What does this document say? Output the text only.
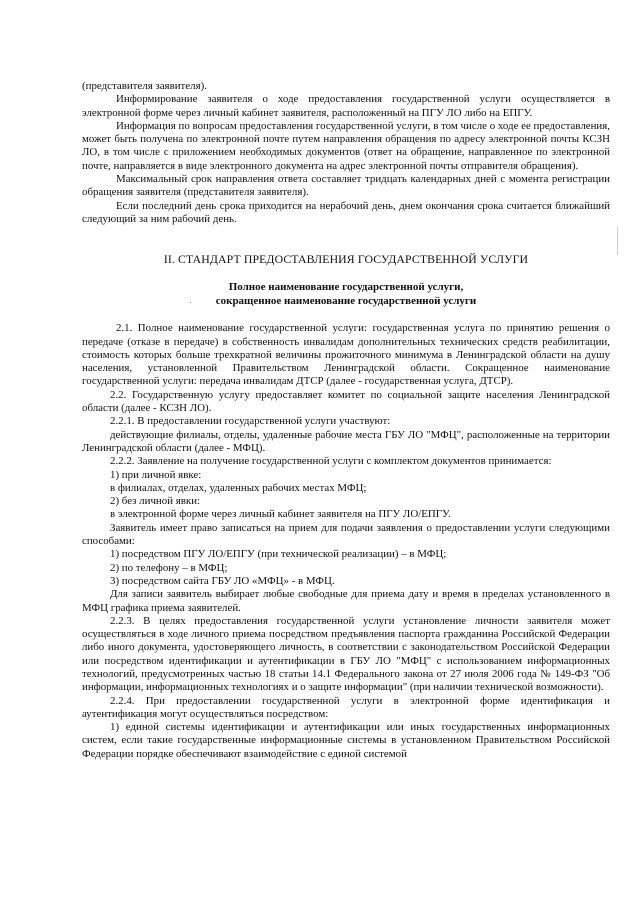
(представителя заявителя).

Информирование заявителя о ходе предоставления государственной услуги осуществляется в электронной форме через личный кабинет заявителя, расположенный на ПГУ ЛО либо на ЕПГУ.

Информация по вопросам предоставления государственной услуги, в том числе о ходе ее предоставления, может быть получена по электронной почте путем направления обращения по адресу электронной почты КСЗН ЛО, в том числе с приложением необходимых документов (ответ на обращение, направленное по электронной почте, направляется в виде электронного документа на адрес электронной почты отправителя обращения).

Максимальный срок направления ответа составляет тридцать календарных дней с момента регистрации обращения заявителя (представителя заявителя).

Если последний день срока приходится на нерабочий день, днем окончания срока считается ближайший следующий за ним рабочий день.

II. СТАНДАРТ ПРЕДОСТАВЛЕНИЯ ГОСУДАРСТВЕННОЙ УСЛУГИ

Полное наименование государственной услуги,

сокращенное наименование государственной услуги

2.1. Полное наименование государственной услуги: государственная услуга по принятию решения о передаче (отказе в передаче) в собственность инвалидам дополнительных технических средств реабилитации, стоимость которых больше трехкратной величины прожиточного минимума в Ленинградской области на душу населения, установленной Правительством Ленинградской области. Сокращенное наименование государственной услуги: передача инвалидам ДТСР (далее - государственная услуга, ДТСР).

2.2. Государственную услугу предоставляет комитет по социальной защите населения Ленинградской области (далее - КСЗН ЛО).

2.2.1. В предоставлении государственной услуги участвуют:

действующие филиалы, отделы, удаленные рабочие места ГБУ ЛО "МФЦ", расположенные на территории Ленинградской области (далее - МФЦ).

2.2.2. Заявление на получение государственной услуги с комплектом документов принимается:

1) при личной явке:

в филиалах, отделах, удаленных рабочих местах МФЦ;

2) без личной явки:

в электронной форме через личный кабинет заявителя на ПГУ ЛО/ЕПГУ.

Заявитель имеет право записаться на прием для подачи заявления о предоставлении услуги следующими способами:

1) посредством ПГУ ЛО/ЕПГУ (при технической реализации) – в МФЦ;

2) по телефону – в МФЦ;

3) посредством сайта ГБУ ЛО «МФЦ» - в МФЦ.

Для записи заявитель выбирает любые свободные для приема дату и время в пределах установленного в МФЦ графика приема заявителей.

2.2.3. В целях предоставления государственной услуги установление личности заявителя может осуществляться в ходе личного приема посредством предъявления паспорта гражданина Российской Федерации либо иного документа, удостоверяющего личность, в соответствии с законодательством Российской Федерации или посредством идентификации и аутентификации в ГБУ ЛО "МФЦ" с использованием информационных технологий, предусмотренных частью 18 статьи 14.1 Федерального закона от 27 июля 2006 года № 149-ФЗ "Об информации, информационных технологиях и о защите информации" (при наличии технической возможности).

2.2.4. При предоставлении государственной услуги в электронной форме идентификация и аутентификация могут осуществляться посредством:

1) единой системы идентификации и аутентификации или иных государственных информационных систем, если такие государственные информационные системы в установленном Правительством Российской Федерации порядке обеспечивают взаимодействие с единой системой
